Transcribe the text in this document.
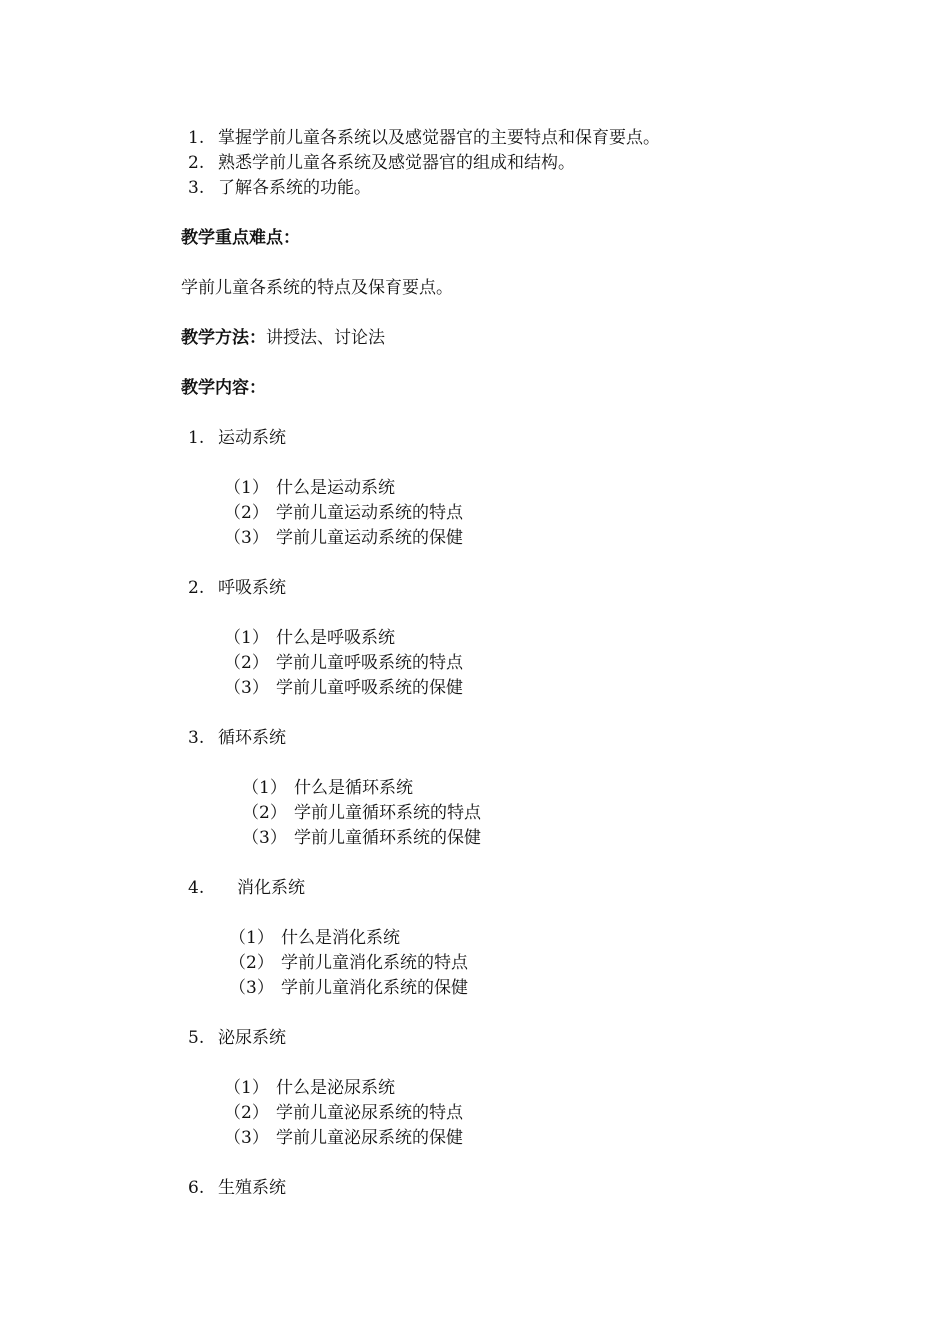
1. 掌握学前儿童各系统以及感觉器官的主要特点和保育要点。
2. 熟悉学前儿童各系统及感觉器官的组成和结构。
3. 了解各系统的功能。
教学重点难点：
学前儿童各系统的特点及保育要点。
教学方法：讲授法、讨论法
教学内容：
1. 运动系统
（1） 什么是运动系统
（2） 学前儿童运动系统的特点
（3） 学前儿童运动系统的保健
2. 呼吸系统
（1） 什么是呼吸系统
（2） 学前儿童呼吸系统的特点
（3） 学前儿童呼吸系统的保健
3. 循环系统
（1） 什么是循环系统
（2） 学前儿童循环系统的特点
（3） 学前儿童循环系统的保健
4. 消化系统
（1） 什么是消化系统
（2） 学前儿童消化系统的特点
（3） 学前儿童消化系统的保健
5. 泌尿系统
（1） 什么是泌尿系统
（2） 学前儿童泌尿系统的特点
（3） 学前儿童泌尿系统的保健
6. 生殖系统
